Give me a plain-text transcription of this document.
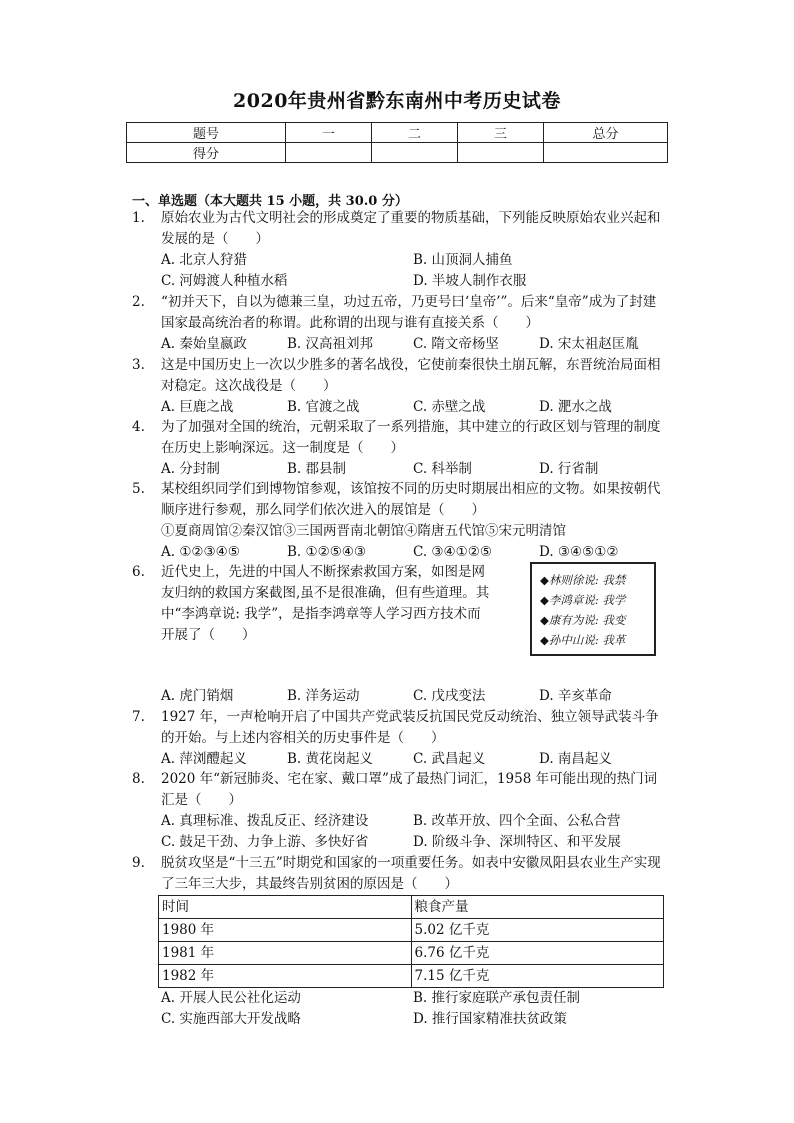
2020年贵州省黔东南州中考历史试卷
题号	一	二	三	总分
得分				
一、单选题（本大题共 15 小题，共 30.0 分）
1. 原始农业为古代文明社会的形成奠定了重要的物质基础，下列能反映原始农业兴起和发展的是（　　）
A. 北京人狩猎	B. 山顶洞人捕鱼
C. 河姆渡人种植水稻	D. 半坡人制作衣服
2. “初并天下，自以为德兼三皇，功过五帝，乃更号曰‘皇帝’”。后来“皇帝”成为了封建国家最高统治者的称谓。此称谓的出现与谁有直接关系（　　）
A. 秦始皇嬴政	B. 汉高祖刘邦	C. 隋文帝杨坚	D. 宋太祖赵匡胤
3. 这是中国历史上一次以少胜多的著名战役，它使前秦很快土崩瓦解，东晋统治局面相对稳定。这次战役是（　　）
A. 巨鹿之战	B. 官渡之战	C. 赤壁之战	D. 淝水之战
4. 为了加强对全国的统治，元朝采取了一系列措施，其中建立的行政区划与管理的制度在历史上影响深远。这一制度是（　　）
A. 分封制	B. 郡县制	C. 科举制	D. 行省制
5. 某校组织同学们到博物馆参观，该馆按不同的历史时期展出相应的文物。如果按朝代顺序进行参观，那么同学们依次进入的展馆是（　　）
①夏商周馆②秦汉馆③三国两晋南北朝馆④隋唐五代馆⑤宋元明清馆
A. ①②③④⑤	B. ①②⑤④③	C. ③④①②⑤	D. ③④⑤①②
6. 近代史上，先进的中国人不断探索救国方案，如图是网友归纳的救国方案截图,虽不是很准确，但有些道理。其中“李鸿章说: 我学”，是指李鸿章等人学习西方技术而开展了（　　）
◆林则徐说: 我禁
◆李鸿章说: 我学
◆康有为说: 我变
◆孙中山说: 我革
A. 虎门销烟	B. 洋务运动	C. 戊戌变法	D. 辛亥革命
7. 1927 年，一声枪响开启了中国共产党武装反抗国民党反动统治、独立领导武装斗争的开始。与上述内容相关的历史事件是（　　）
A. 萍浏醴起义	B. 黄花岗起义	C. 武昌起义	D. 南昌起义
8. 2020 年“新冠肺炎、宅在家、戴口罩”成了最热门词汇，1958 年可能出现的热门词汇是（　　）
A. 真理标准、拨乱反正、经济建设	B. 改革开放、四个全面、公私合营
C. 鼓足干劲、力争上游、多快好省	D. 阶级斗争、深圳特区、和平发展
9. 脱贫攻坚是“十三五”时期党和国家的一项重要任务。如表中安徽凤阳县农业生产实现了三年三大步，其最终告别贫困的原因是（　　）
时间	粮食产量
1980 年	5.02 亿千克
1981 年	6.76 亿千克
1982 年	7.15 亿千克
A. 开展人民公社化运动	B. 推行家庭联产承包责任制
C. 实施西部大开发战略	D. 推行国家精准扶贫政策
